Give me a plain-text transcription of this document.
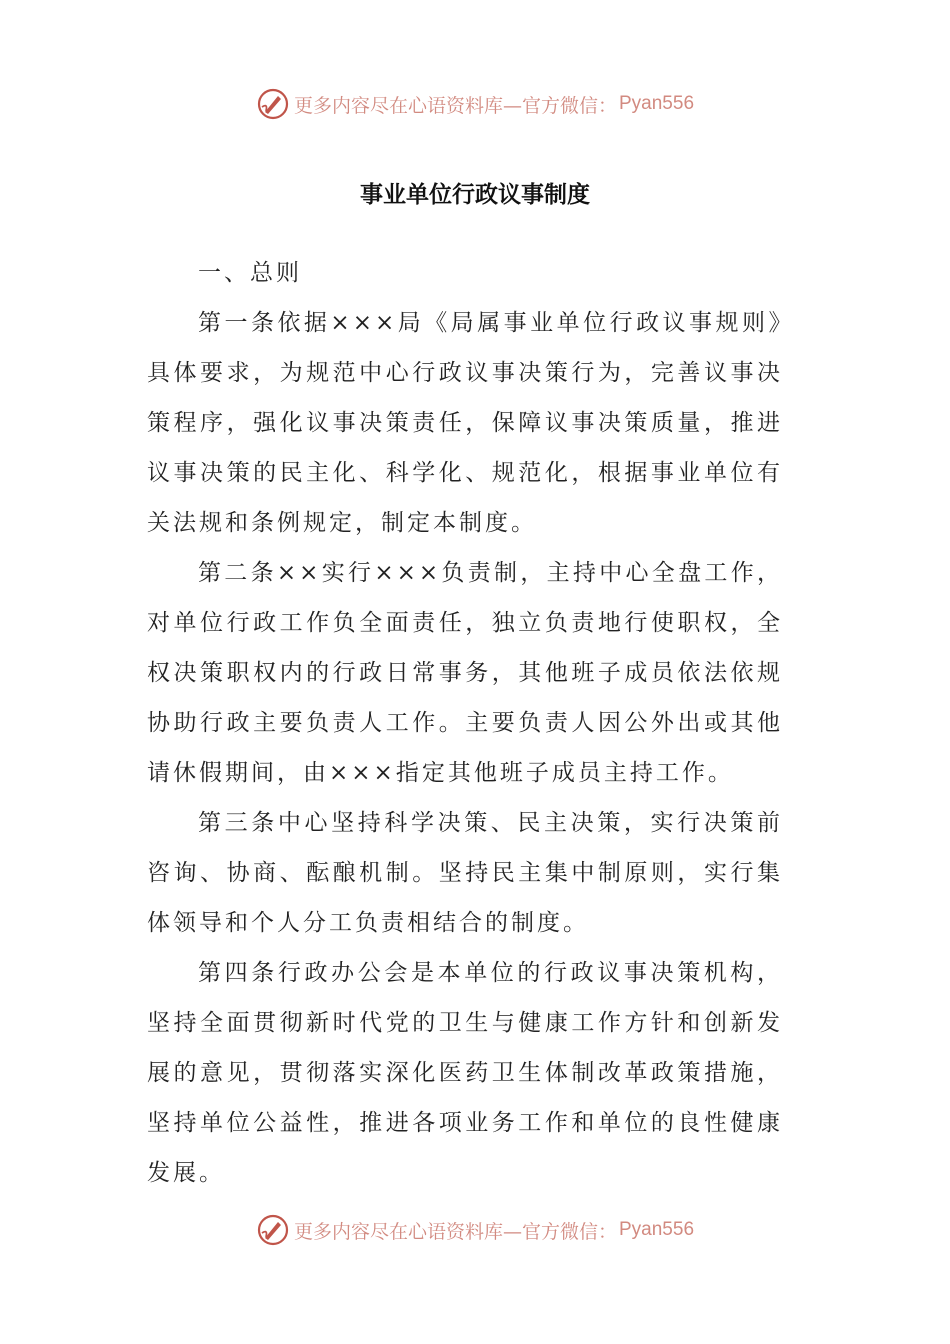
更多内容尽在心语资料库—官方微信： Pyan556
事业单位行政议事制度

一、总则

第一条依据×××局《局属事业单位行政议事规则》具体要求，为规范中心行政议事决策行为，完善议事决策程序，强化议事决策责任，保障议事决策质量，推进议事决策的民主化、科学化、规范化，根据事业单位有关法规和条例规定，制定本制度。

第二条××实行×××负责制，主持中心全盘工作，对单位行政工作负全面责任，独立负责地行使职权，全权决策职权内的行政日常事务，其他班子成员依法依规协助行政主要负责人工作。主要负责人因公外出或其他请休假期间，由×××指定其他班子成员主持工作。

第三条中心坚持科学决策、民主决策，实行决策前咨询、协商、酝酿机制。坚持民主集中制原则，实行集体领导和个人分工负责相结合的制度。

第四条行政办公会是本单位的行政议事决策机构，坚持全面贯彻新时代党的卫生与健康工作方针和创新发展的意见，贯彻落实深化医药卫生体制改革政策措施，坚持单位公益性，推进各项业务工作和单位的良性健康发展。

更多内容尽在心语资料库—官方微信： Pyan556
